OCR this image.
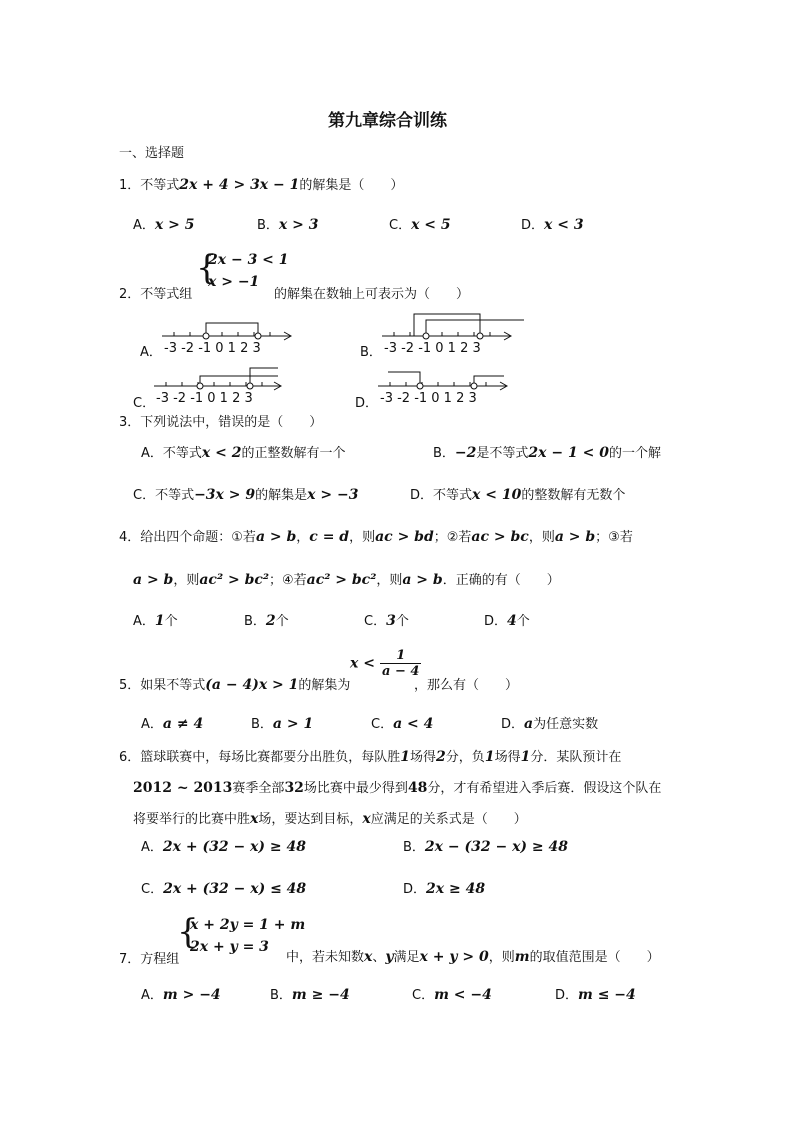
第九章综合训练
一、选择题
1．不等式2x + 4 > 3x − 1的解集是（　　）
A．x > 5	B．x > 3	C．x < 5	D．x < 3
{
2x − 3 < 1
x > −1
2．不等式组	的解集在数轴上可表示为（　　）
A． -3 -2 -1 0 1 2 3	B． -3 -2 -1 0 1 2 3
C． -3 -2 -1 0 1 2 3	D． -3 -2 -1 0 1 2 3
3．下列说法中，错误的是（　　）
A．不等式x < 2的正整数解有一个	B．−2是不等式2x − 1 < 0的一个解
C．不等式−3x > 9的解集是x > −3	D．不等式x < 10的整数解有无数个
4．给出四个命题：①若a > b，c = d，则ac > bd；②若ac > bc，则a > b；③若
a > b，则ac² > bc²；④若ac² > bc²，则a > b．正确的有（　　）
A．1个	B．2个	C．3个	D．4个
5．如果不等式(a − 4)x > 1的解集为
$x < \frac{1}{a - 4}$
，那么有（　　）
A．a ≠ 4	B．a > 1	C．a < 4	D．a为任意实数
6．篮球联赛中，每场比赛都要分出胜负，每队胜1场得2分，负1场得1分．某队预计在
2012 ~ 2013赛季全部32场比赛中最少得到48分，才有希望进入季后赛．假设这个队在
将要举行的比赛中胜x场，要达到目标，x应满足的关系式是（　　）
A．2x + (32 − x) ≥ 48	B．2x − (32 − x) ≥ 48
C．2x + (32 − x) ≤ 48	D．2x ≥ 48
{
x + 2y = 1 + m
2x + y = 3
7．方程组	中，若未知数x、y满足x + y > 0，则m的取值范围是（　　）
A．m > −4	B．m ≥ −4	C．m < −4	D．m ≤ −4
